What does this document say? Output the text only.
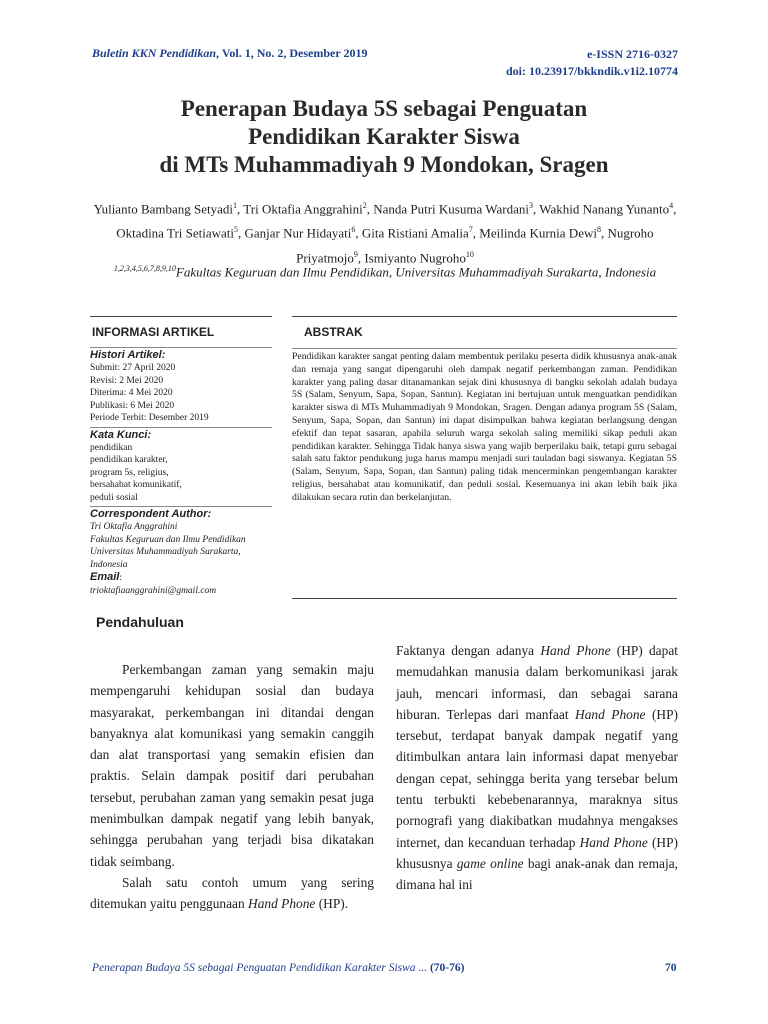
Buletin KKN Pendidikan, Vol. 1, No. 2, Desember 2019	e-ISSN 2716-0327
doi: 10.23917/bkkndik.v1i2.10774
Penerapan Budaya 5S sebagai Penguatan
Pendidikan Karakter Siswa
di MTs Muhammadiyah 9 Mondokan, Sragen
Yulianto Bambang Setyadi$^1$, Tri Oktafia Anggrahini$^2$, Nanda Putri Kusuma Wardani$^3$, Wakhid Nanang Yunanto$^4$, Oktadina Tri Setiawati$^5$, Ganjar Nur Hidayati$^6$, Gita Ristiani Amalia$^7$, Meilinda Kurnia Dewi$^8$, Nugroho Priyatmojo$^9$, Ismiyanto Nugroho$^{10}$
$^{1,2,3,4,5,6,7,8,9,10}$Fakultas Keguruan dan Ilmu Pendidikan, Universitas Muhammadiyah Surakarta, Indonesia
INFORMASI ARTIKEL	ABSTRAK
Histori Artikel:
Submit: 27 April 2020
Revisi: 2 Mei 2020
Diterima: 4 Mei 2020
Publikasi: 6 Mei 2020
Periode Terbit: Desember 2019
Kata Kunci:
pendidikan
pendidikan karakter,
program 5s, religius,
bersahabat komunikatif,
peduli sosial
Correspondent Author:
Tri Oktafia Anggrahini
Fakultas Keguruan dan Ilmu Pendidikan
Universitas Muhammadiyah Surakarta,
Indonesia
Email:
trioktafiaanggrahini@gmail.com
Pendidikan karakter sangat penting dalam membentuk perilaku peserta didik khususnya anak-anak dan remaja yang sangat dipengaruhi oleh dampak negatif perkembangan zaman. Pendidikan karakter yang paling dasar ditanamankan sejak dini khususnya di bangku sekolah adalah budaya 5S (Salam, Senyum, Sapa, Sopan, Santun). Kegiatan ini bertujuan untuk menguatkan pendidikan karakter siswa di MTs Muhammadiyah 9 Mondokan, Sragen. Dengan adanya program 5S (Salam, Senyum, Sapa, Sopan, dan Santun) ini dapat disimpulkan bahwa kegiatan berlangsung dengan efektif dan tepat sasaran, apabila seluruh warga sekolah saling memiliki sikap peduli akan pendidikan karakter. Sehingga Tidak hanya siswa yang wajib berperilaku baik, tetapi guru sebagai salah satu faktor pendukung juga harus mampu menjadi suri tauladan bagi siswanya. Kegiatan 5S (Salam, Senyum, Sapa, Sopan, dan Santun) paling tidak mencerminkan pengembangan karakter religius, bersahabat atau komunikatif, dan peduli sosial. Kesemuanya ini akan lebih baik jika dilakukan secara rutin dan berkelanjutan.
Pendahuluan

Perkembangan zaman yang semakin maju mempengaruhi kehidupan sosial dan budaya masyarakat, perkembangan ini ditandai dengan banyaknya alat komunikasi yang semakin canggih dan alat transportasi yang semakin efisien dan praktis. Selain dampak positif dari perubahan tersebut, perubahan zaman yang semakin pesat juga menimbulkan dampak negatif yang lebih banyak, sehingga perubahan yang terjadi bisa dikatakan tidak seimbang.

Salah satu contoh umum yang sering ditemukan yaitu penggunaan Hand Phone (HP).

Faktanya dengan adanya Hand Phone (HP) dapat memudahkan manusia dalam berkomunikasi jarak jauh, mencari informasi, dan sebagai sarana hiburan. Terlepas dari manfaat Hand Phone (HP) tersebut, terdapat banyak dampak negatif yang ditimbulkan antara lain informasi dapat menyebar dengan cepat, sehingga berita yang tersebar belum tentu terbukti kebebenarannya, maraknya situs pornografi yang diakibatkan mudahnya mengakses internet, dan kecanduan terhadap Hand Phone (HP) khususnya game online bagi anak-anak dan remaja, dimana hal ini

Penerapan Budaya 5S sebagai Penguatan Pendidikan Karakter Siswa ... (70-76)	70
